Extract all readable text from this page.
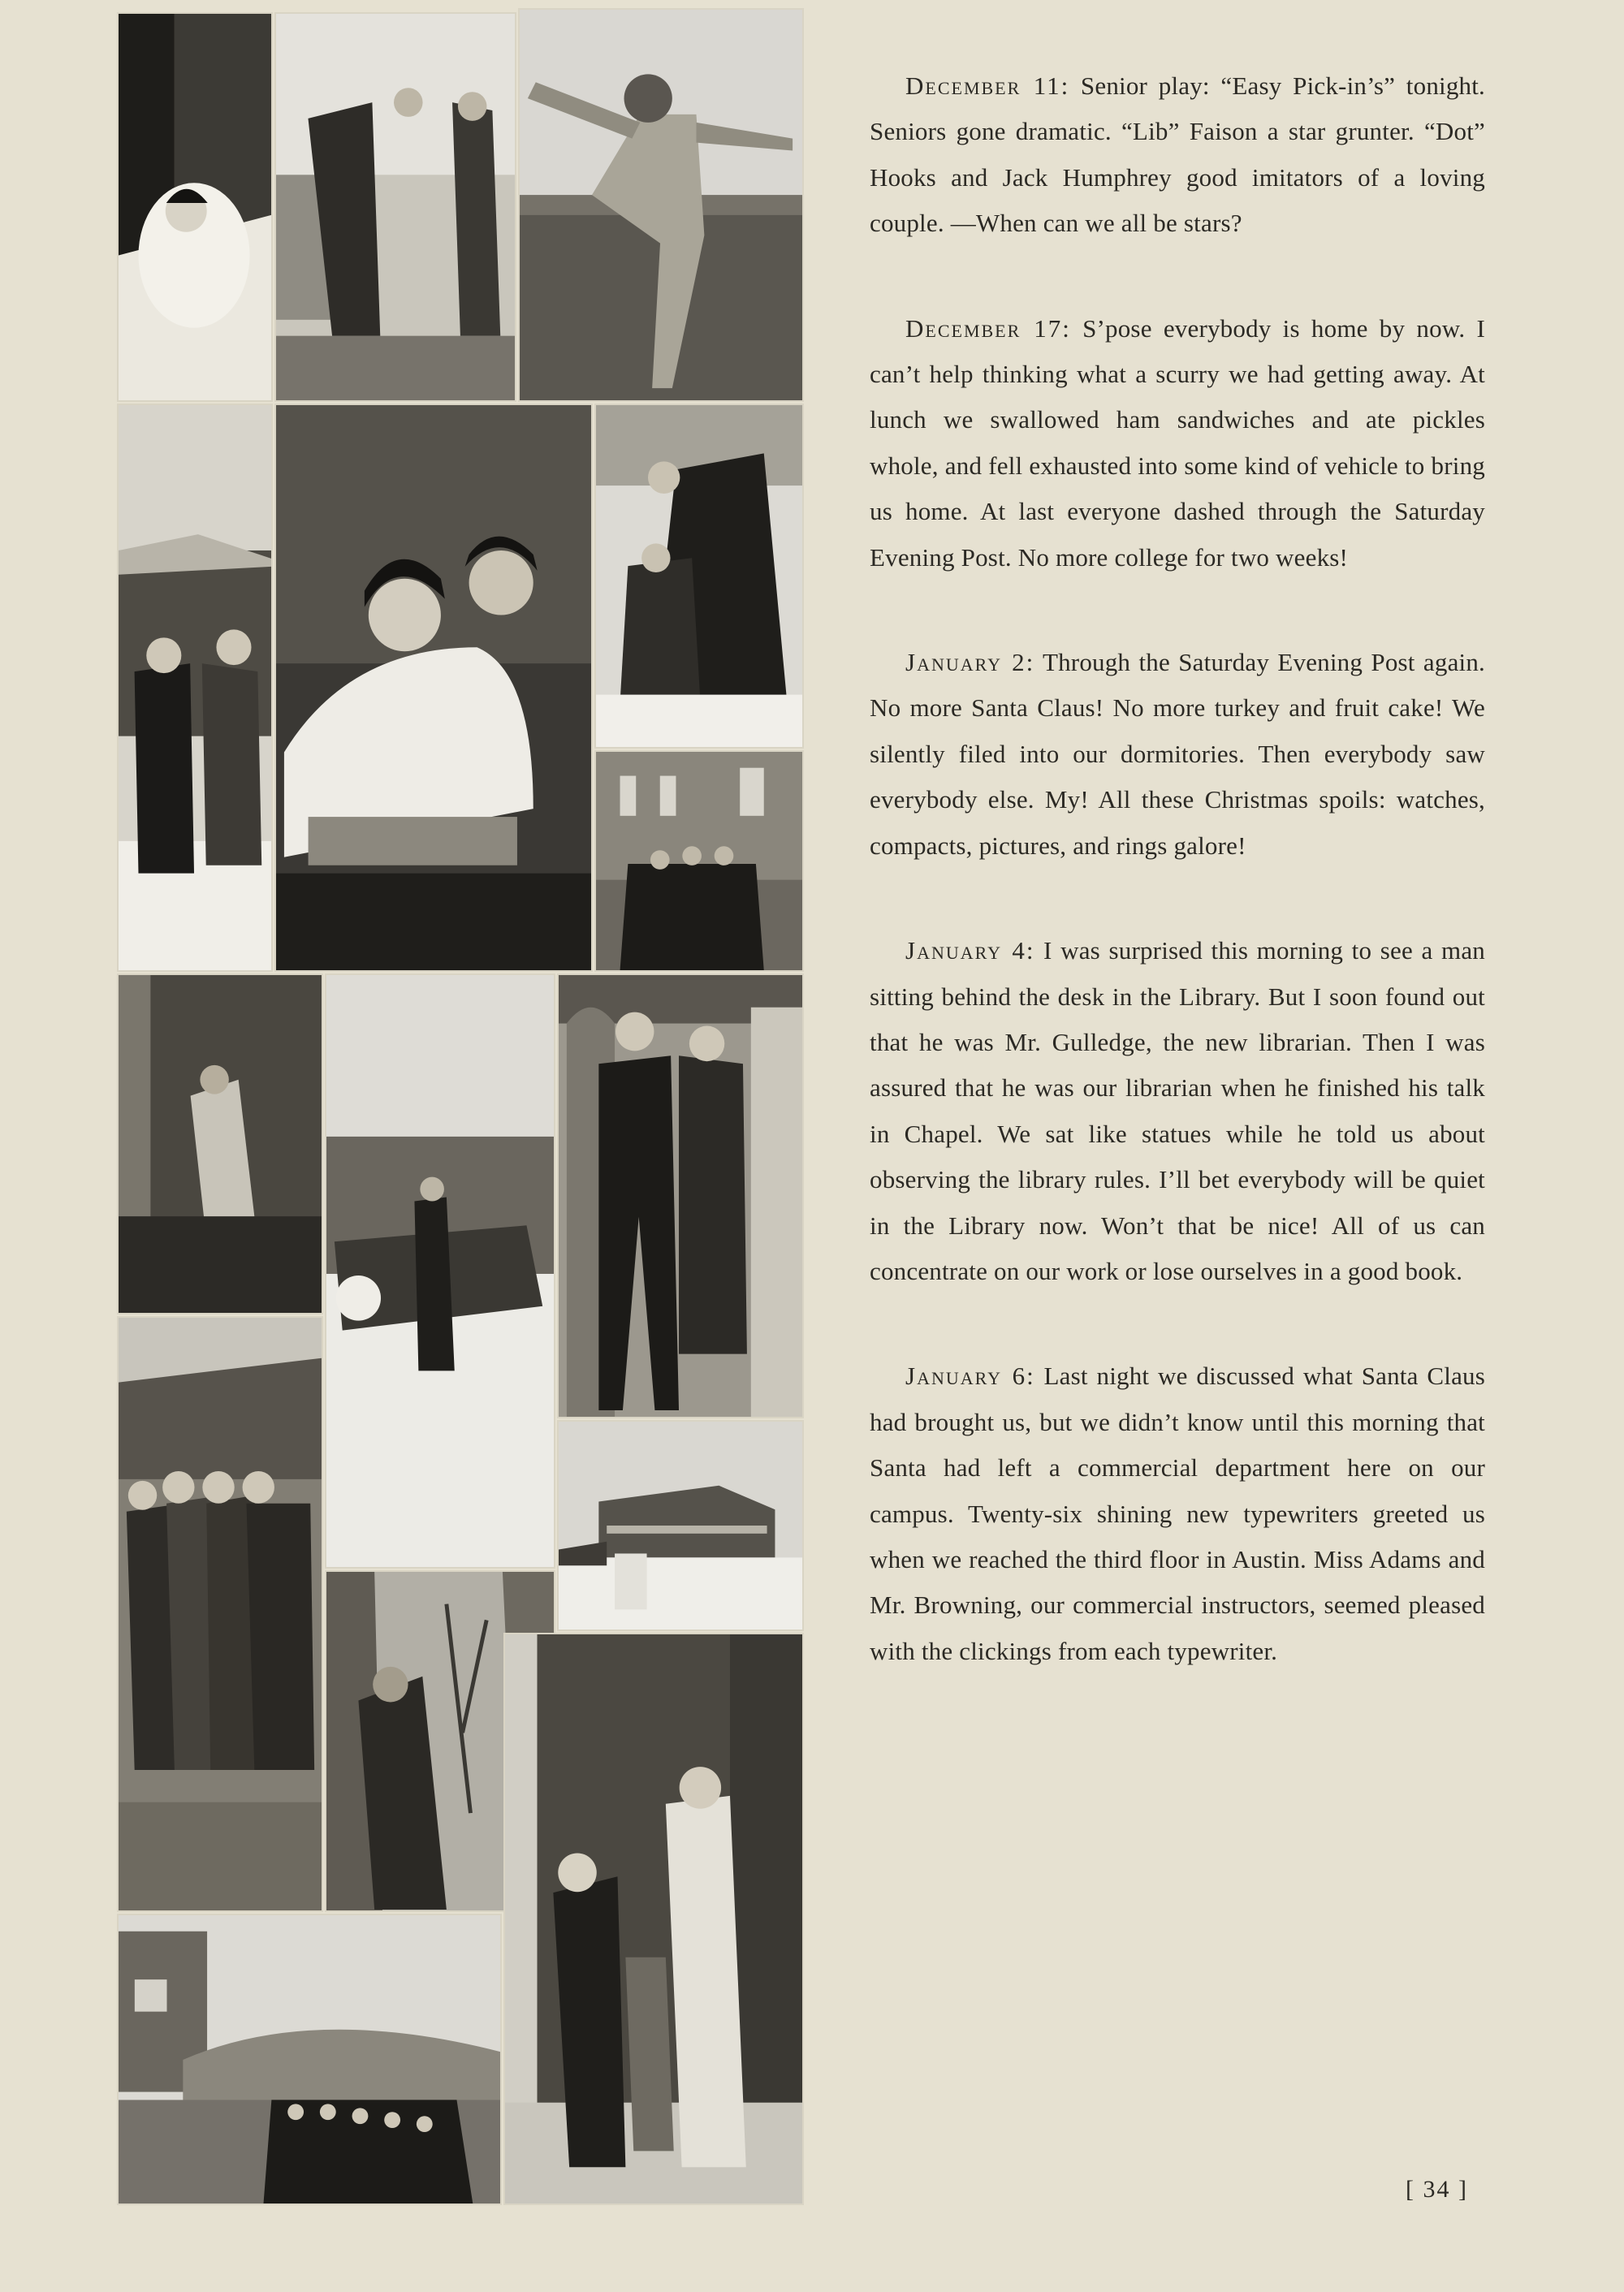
December 11: Senior play: “Easy Pick-in’s” tonight. Seniors gone dramatic. “Lib” Faison a star grunter. “Dot” Hooks and Jack Humphrey good imitators of a loving couple. —When can we all be stars?

December 17: S’pose everybody is home by now. I can’t help thinking what a scurry we had getting away. At lunch we swallowed ham sandwiches and ate pickles whole, and fell exhausted into some kind of vehicle to bring us home. At last everyone dashed through the Saturday Evening Post. No more college for two weeks!

January 2: Through the Saturday Evening Post again. No more Santa Claus! No more turkey and fruit cake! We silently filed into our dormitories. Then everybody saw everybody else. My! All these Christmas spoils: watches, compacts, pictures, and rings galore!

January 4: I was surprised this morning to see a man sitting behind the desk in the Library. But I soon found out that he was Mr. Gulledge, the new librarian. Then I was assured that he was our librarian when he finished his talk in Chapel. We sat like statues while he told us about observing the library rules. I’ll bet everybody will be quiet in the Library now. Won’t that be nice! All of us can concentrate on our work or lose ourselves in a good book.

January 6: Last night we discussed what Santa Claus had brought us, but we didn’t know until this morning that Santa had left a commercial department here on our campus. Twenty-six shining new typewriters greeted us when we reached the third floor in Austin. Miss Adams and Mr. Browning, our commercial instructors, seemed pleased with the clickings from each typewriter.

[ 34 ]
